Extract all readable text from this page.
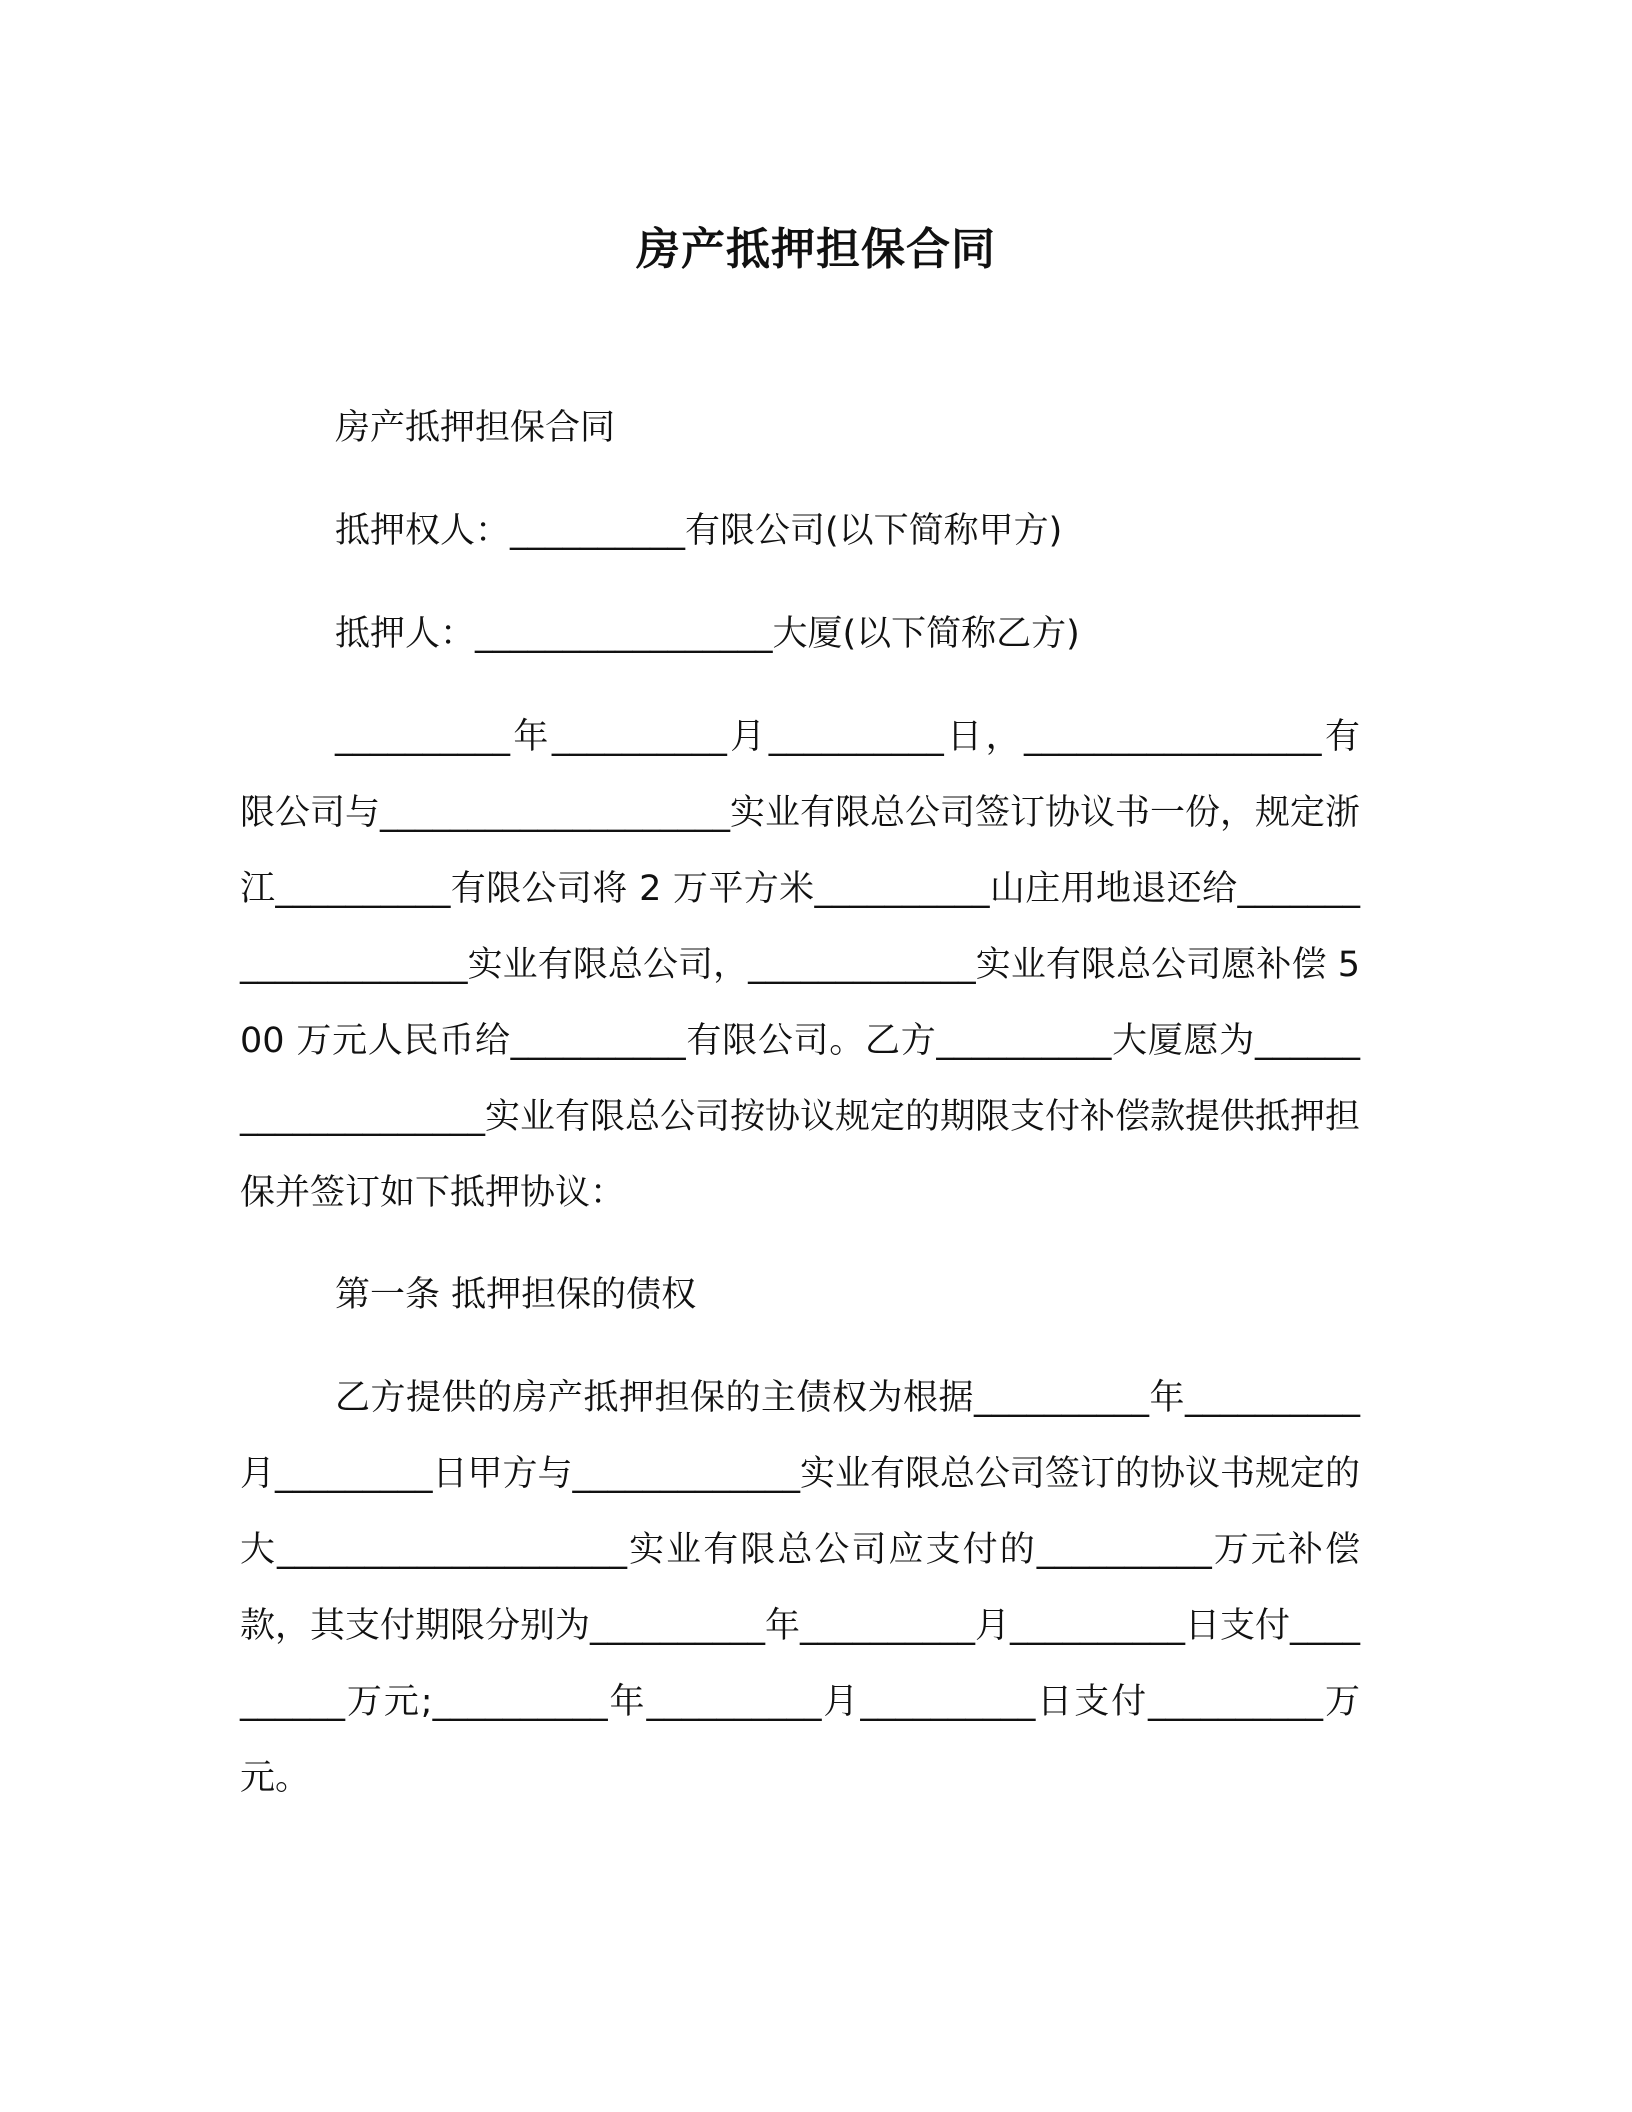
房产抵押担保合同

房产抵押担保合同

抵押权人：__________有限公司(以下简称甲方)

抵押人：_________________大厦(以下简称乙方)

__________年__________月__________日，_________________有限公司与____________________实业有限总公司签订协议书一份，规定浙江__________有限公司将 2 万平方米__________山庄用地退还给____________________实业有限总公司，_____________实业有限总公司愿补偿 500 万元人民币给__________有限公司。乙方__________大厦愿为____________________实业有限总公司按协议规定的期限支付补偿款提供抵押担保并签订如下抵押协议：

第一条 抵押担保的债权

乙方提供的房产抵押担保的主债权为根据__________年__________月_________日甲方与_____________实业有限总公司签订的协议书规定的大____________________实业有限总公司应支付的__________万元补偿款，其支付期限分别为__________年__________月__________日支付__________万元;__________年__________月__________日支付__________万元。
